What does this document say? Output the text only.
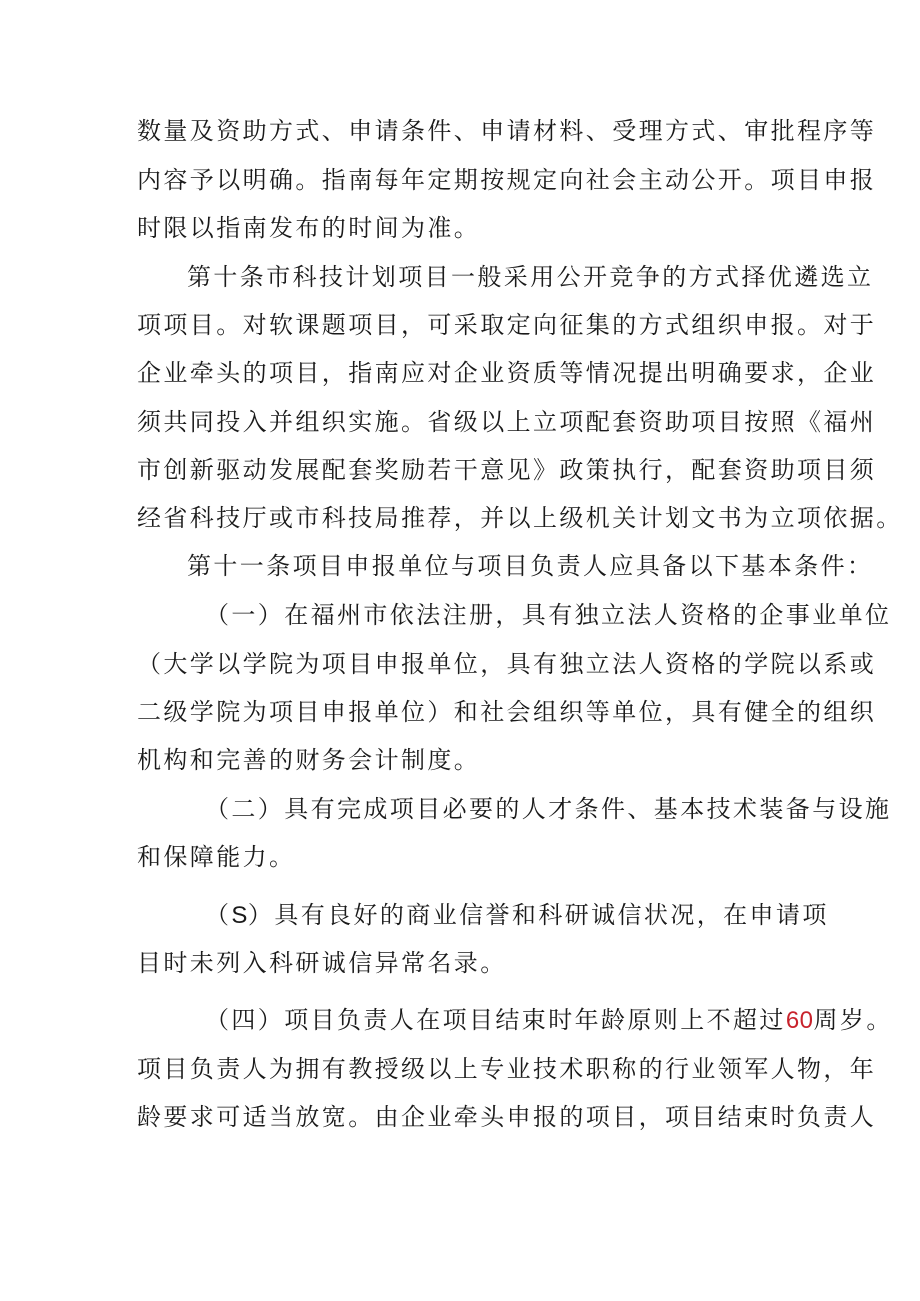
数量及资助方式、申请条件、申请材料、受理方式、审批程序等
内容予以明确。指南每年定期按规定向社会主动公开。项目申报
时限以指南发布的时间为准。
第十条市科技计划项目一般采用公开竞争的方式择优遴选立
项项目。对软课题项目，可采取定向征集的方式组织申报。对于
企业牵头的项目，指南应对企业资质等情况提出明确要求，企业
须共同投入并组织实施。省级以上立项配套资助项目按照《福州
市创新驱动发展配套奖励若干意见》政策执行，配套资助项目须
经省科技厅或市科技局推荐，并以上级机关计划文书为立项依据。
第十一条项目申报单位与项目负责人应具备以下基本条件：
（一）在福州市依法注册，具有独立法人资格的企事业单位
（大学以学院为项目申报单位，具有独立法人资格的学院以系或
二级学院为项目申报单位）和社会组织等单位，具有健全的组织
机构和完善的财务会计制度。
（二）具有完成项目必要的人才条件、基本技术装备与设施
和保障能力。
（S）具有良好的商业信誉和科研诚信状况，在申请项
目时未列入科研诚信异常名录。
（四）项目负责人在项目结束时年龄原则上不超过60周岁。
项目负责人为拥有教授级以上专业技术职称的行业领军人物，年
龄要求可适当放宽。由企业牵头申报的项目，项目结束时负责人
